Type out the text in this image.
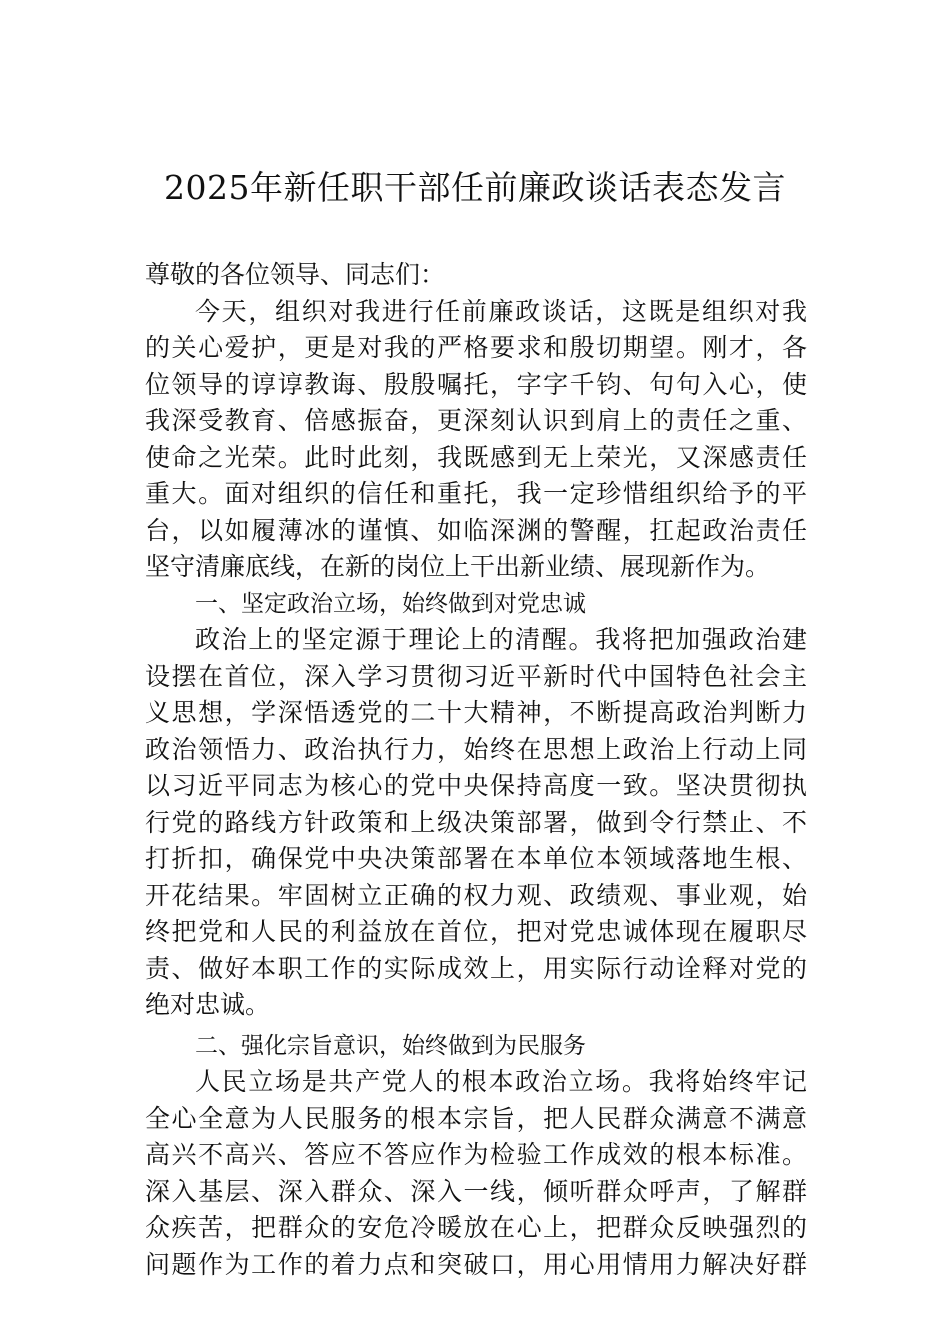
2025年新任职干部任前廉政谈话表态发言
尊敬的各位领导、同志们：
今天，组织对我进行任前廉政谈话，这既是组织对我
的关心爱护，更是对我的严格要求和殷切期望。刚才，各
位领导的谆谆教诲、殷殷嘱托，字字千钧、句句入心，使
我深受教育、倍感振奋，更深刻认识到肩上的责任之重、
使命之光荣。此时此刻，我既感到无上荣光，又深感责任
重大。面对组织的信任和重托，我一定珍惜组织给予的平
台，以如履薄冰的谨慎、如临深渊的警醒，扛起政治责任
坚守清廉底线，在新的岗位上干出新业绩、展现新作为。
一、坚定政治立场，始终做到对党忠诚
政治上的坚定源于理论上的清醒。我将把加强政治建
设摆在首位，深入学习贯彻习近平新时代中国特色社会主
义思想，学深悟透党的二十大精神，不断提高政治判断力
政治领悟力、政治执行力，始终在思想上政治上行动上同
以习近平同志为核心的党中央保持高度一致。坚决贯彻执
行党的路线方针政策和上级决策部署，做到令行禁止、不
打折扣，确保党中央决策部署在本单位本领域落地生根、
开花结果。牢固树立正确的权力观、政绩观、事业观，始
终把党和人民的利益放在首位，把对党忠诚体现在履职尽
责、做好本职工作的实际成效上，用实际行动诠释对党的
绝对忠诚。
二、强化宗旨意识，始终做到为民服务
人民立场是共产党人的根本政治立场。我将始终牢记
全心全意为人民服务的根本宗旨，把人民群众满意不满意
高兴不高兴、答应不答应作为检验工作成效的根本标准。
深入基层、深入群众、深入一线，倾听群众呼声，了解群
众疾苦，把群众的安危冷暖放在心上，把群众反映强烈的
问题作为工作的着力点和突破口，用心用情用力解决好群
